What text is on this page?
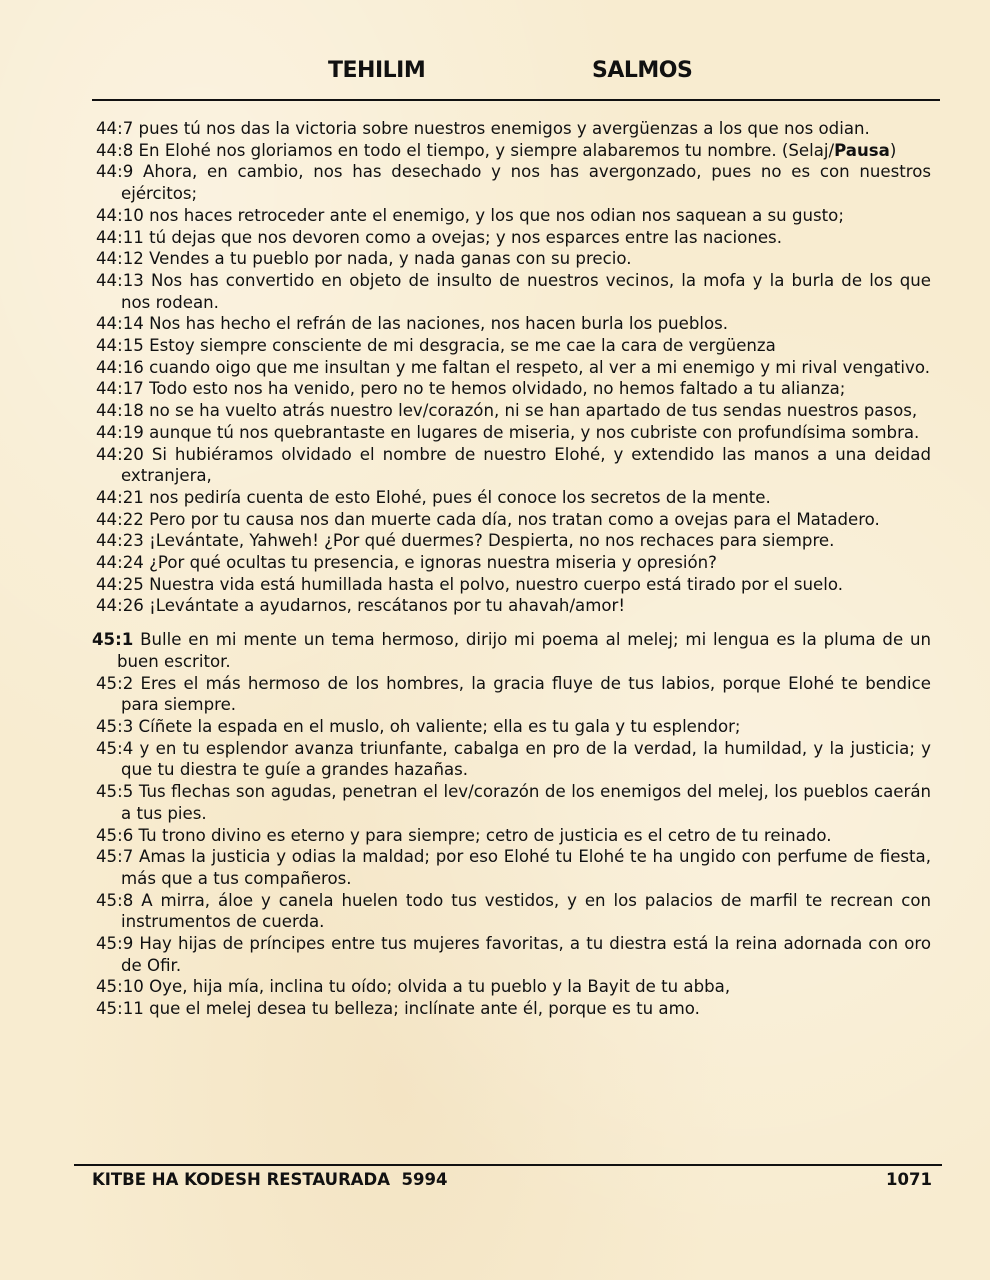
TEHILIM	SALMOS
44:7 pues tú nos das la victoria sobre nuestros enemigos y avergüenzas a los que nos odian.
44:8 En Elohé nos gloriamos en todo el tiempo, y siempre alabaremos tu nombre. (Selaj/Pausa)
44:9 Ahora, en cambio, nos has desechado y nos has avergonzado, pues no es con nuestros ejércitos;
44:10 nos haces retroceder ante el enemigo, y los que nos odian nos saquean a su gusto;
44:11 tú dejas que nos devoren como a ovejas; y nos esparces entre las naciones.
44:12 Vendes a tu pueblo por nada, y nada ganas con su precio.
44:13 Nos has convertido en objeto de insulto de nuestros vecinos, la mofa y la burla de los que nos rodean.
44:14 Nos has hecho el refrán de las naciones, nos hacen burla los pueblos.
44:15 Estoy siempre consciente de mi desgracia, se me cae la cara de vergüenza
44:16 cuando oigo que me insultan y me faltan el respeto, al ver a mi enemigo y mi rival vengativo.
44:17 Todo esto nos ha venido, pero no te hemos olvidado, no hemos faltado a tu alianza;
44:18 no se ha vuelto atrás nuestro lev/corazón, ni se han apartado de tus sendas nuestros pasos,
44:19 aunque tú nos quebrantaste en lugares de miseria, y nos cubriste con profundísima sombra.
44:20 Si hubiéramos olvidado el nombre de nuestro Elohé, y extendido las manos a una deidad extranjera,
44:21 nos pediría cuenta de esto Elohé, pues él conoce los secretos de la mente.
44:22 Pero por tu causa nos dan muerte cada día, nos tratan como a ovejas para el Matadero.
44:23 ¡Levántate, Yahweh! ¿Por qué duermes? Despierta, no nos rechaces para siempre.
44:24 ¿Por qué ocultas tu presencia, e ignoras nuestra miseria y opresión?
44:25 Nuestra vida está humillada hasta el polvo, nuestro cuerpo está tirado por el suelo.
44:26 ¡Levántate a ayudarnos, rescátanos por tu ahavah/amor!
45:1 Bulle en mi mente un tema hermoso, dirijo mi poema al melej; mi lengua es la pluma de un buen escritor.
45:2 Eres el más hermoso de los hombres, la gracia fluye de tus labios, porque Elohé te bendice para siempre.
45:3 Cíñete la espada en el muslo, oh valiente; ella es tu gala y tu esplendor;
45:4 y en tu esplendor avanza triunfante, cabalga en pro de la verdad, la humildad, y la justicia; y que tu diestra te guíe a grandes hazañas.
45:5 Tus flechas son agudas, penetran el lev/corazón de los enemigos del melej, los pueblos caerán a tus pies.
45:6 Tu trono divino es eterno y para siempre; cetro de justicia es el cetro de tu reinado.
45:7 Amas la justicia y odias la maldad; por eso Elohé tu Elohé te ha ungido con perfume de fiesta, más que a tus compañeros.
45:8 A mirra, áloe y canela huelen todo tus vestidos, y en los palacios de marfil te recrean con instrumentos de cuerda.
45:9 Hay hijas de príncipes entre tus mujeres favoritas, a tu diestra está la reina adornada con oro de Ofir.
45:10 Oye, hija mía, inclina tu oído; olvida a tu pueblo y la Bayit de tu abba,
45:11 que el melej desea tu belleza; inclínate ante él, porque es tu amo.
KITBE HA KODESH RESTAURADA  5994	1071
